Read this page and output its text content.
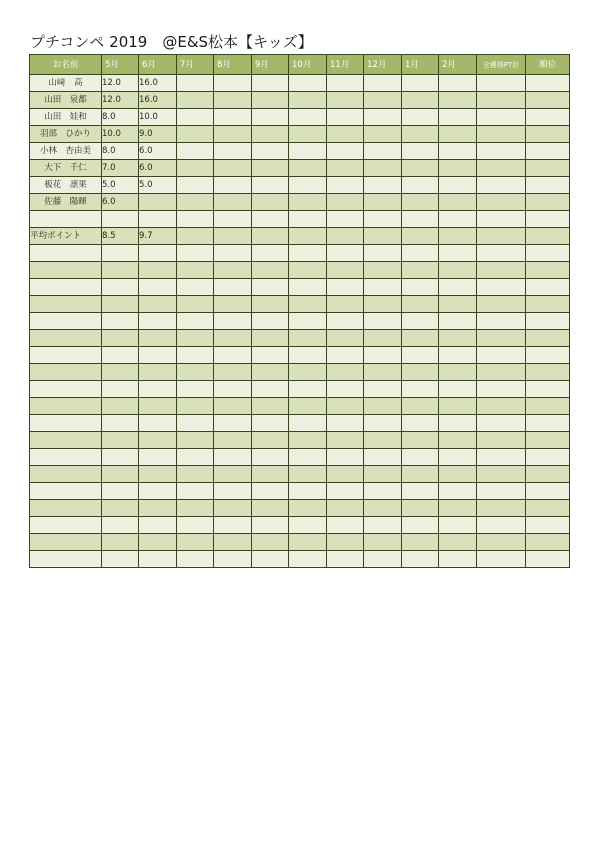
プチコンペ 2019　@E&S松本【キッズ】
お名前	5月	6月	7月	8月	9月	10月	11月	12月	1月	2月	全獲得PT計	順位
山﨑　高	12.0	16.0										
山田　泉都	12.0	16.0										
山田　娃和	8.0	10.0										
羽部　ひかり	10.0	9.0										
小林　杏由美	8.0	6.0										
大下　千仁	7.0	6.0										
板花　凛果	5.0	5.0										
佐藤　陽暉	6.0											

平均ポイント	8.5	9.7										
